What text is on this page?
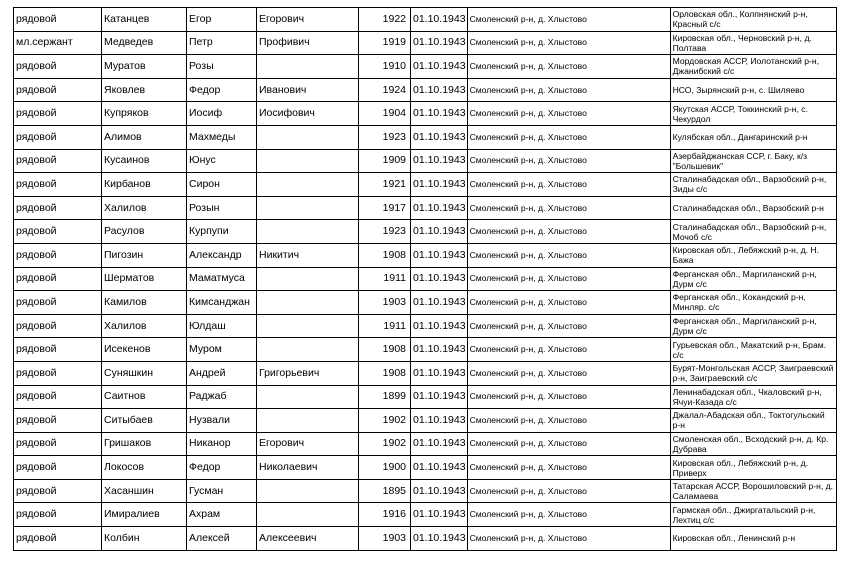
рядовой	Катанцев	Егор	Егорович	1922	01.10.1943	Смоленский р-н, д. Хлыстово	Орловская обл., Колпнянский р-н, Красный с/с
мл.сержант	Медведев	Петр	Профивич	1919	01.10.1943	Смоленский р-н, д. Хлыстово	Кировская обл., Черновский р-н, д. Полтава
рядовой	Муратов	Розы		1910	01.10.1943	Смоленский р-н, д. Хлыстово	Мордовская АССР, Иолотанский р-н, Джанибский с/с
рядовой	Яковлев	Федор	Иванович	1924	01.10.1943	Смоленский р-н, д. Хлыстово	НСО, Зырянский р-н, с. Шиляево
рядовой	Купряков	Иосиф	Иосифович	1904	01.10.1943	Смоленский р-н, д. Хлыстово	Якутская АССР, Токкинский р-н, с. Чекурдол
рядовой	Алимов	Махмеды		1923	01.10.1943	Смоленский р-н, д. Хлыстово	Кулябская обл., Дангаринский р-н
рядовой	Кусаинов	Юнус		1909	01.10.1943	Смоленский р-н, д. Хлыстово	Азербайджанская ССР, г. Баку, к/з "Большевик"
рядовой	Кирбанов	Сирон		1921	01.10.1943	Смоленский р-н, д. Хлыстово	Сталинабадская обл., Варзобский р-н, Зиды с/с
рядовой	Халилов	Розын		1917	01.10.1943	Смоленский р-н, д. Хлыстово	Сталинабадская обл., Варзобский р-н
рядовой	Расулов	Курпупи		1923	01.10.1943	Смоленский р-н, д. Хлыстово	Сталинабадская обл., Варзобский р-н, Мочоб с/с
рядовой	Пигозин	Александр	Никитич	1908	01.10.1943	Смоленский р-н, д. Хлыстово	Кировская обл., Лебяжский р-н, д. Н. Бажа
рядовой	Шерматов	Маматмуса		1911	01.10.1943	Смоленский р-н, д. Хлыстово	Ферганская обл., Маргиланский р-н, Дурм с/с
рядовой	Камилов	Кимсанджан		1903	01.10.1943	Смоленский р-н, д. Хлыстово	Ферганская обл., Кокандский р-н, Минляр. с/с
рядовой	Халилов	Юлдаш		1911	01.10.1943	Смоленский р-н, д. Хлыстово	Ферганская обл., Маргиланский р-н, Дурм с/с
рядовой	Исекенов	Муром		1908	01.10.1943	Смоленский р-н, д. Хлыстово	Гурьевская обл., Макатский р-н, Брам. с/с
рядовой	Суняшкин	Андрей	Григорьевич	1908	01.10.1943	Смоленский р-н, д. Хлыстово	Бурят-Монгольская АССР, Заиграевский р-н, Заиграевский с/с
рядовой	Саитнов	Раджаб		1899	01.10.1943	Смоленский р-н, д. Хлыстово	Ленинабадская обл., Чкаловский р-н, Ячуи-Казада с/с
рядовой	Ситыбаев	Нузвали		1902	01.10.1943	Смоленский р-н, д. Хлыстово	Джалал-Абадская обл., Токтогульский р-н
рядовой	Гришаков	Никанор	Егорович	1902	01.10.1943	Смоленский р-н, д. Хлыстово	Смоленская обл., Всходский р-н, д. Кр. Дубрава
рядовой	Локосов	Федор	Николаевич	1900	01.10.1943	Смоленский р-н, д. Хлыстово	Кировская обл., Лебяжский р-н, д. Приверх
рядовой	Хасаншин	Гусман		1895	01.10.1943	Смоленский р-н, д. Хлыстово	Татарская АССР, Ворошиловский р-н, д. Саламаева
рядовой	Имиралиев	Ахрам		1916	01.10.1943	Смоленский р-н, д. Хлыстово	Гармская обл., Джиргатальский р-н, Лехтиц с/с
рядовой	Колбин	Алексей	Алексеевич	1903	01.10.1943	Смоленский р-н, д. Хлыстово	Кировская обл., Ленинский р-н
